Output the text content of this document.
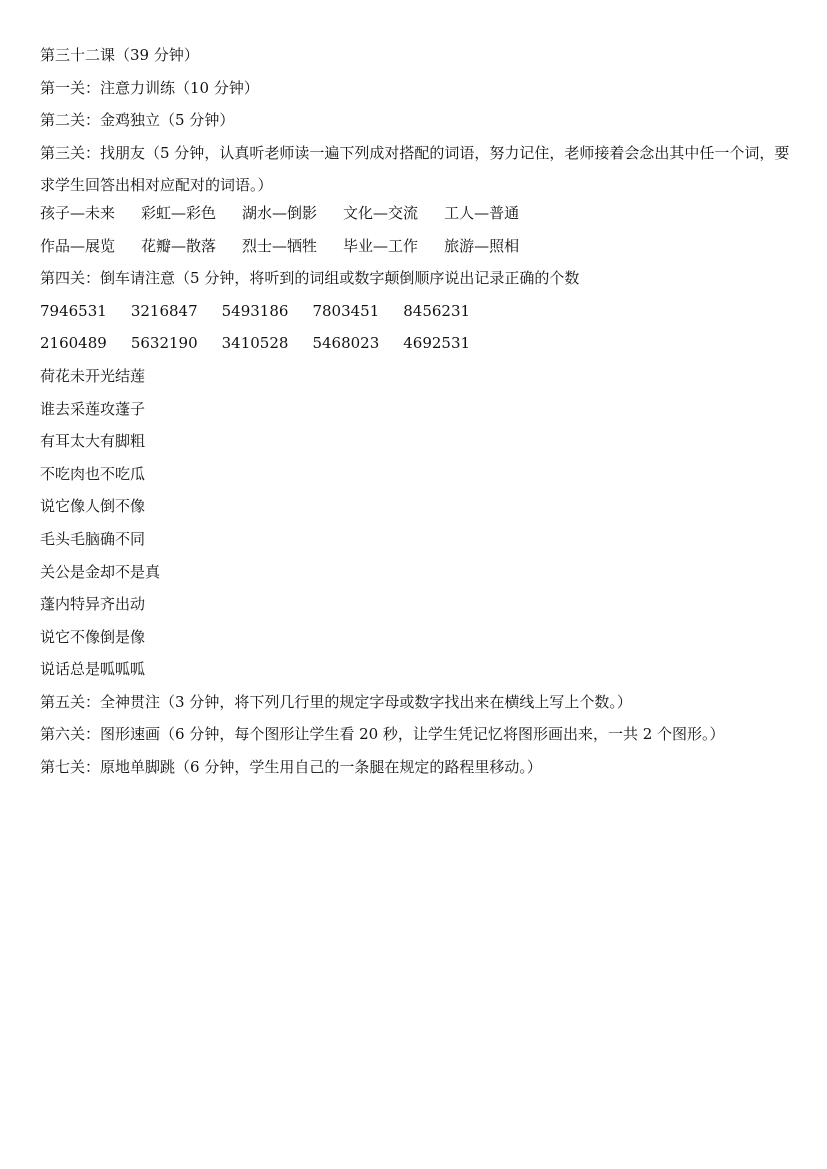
第三十二课（39 分钟）
第一关：注意力训练（10 分钟）
第二关：金鸡独立（5 分钟）
第三关：找朋友（5 分钟，认真听老师读一遍下列成对搭配的词语，努力记住，老师接着会念出其中任一个词，要求学生回答出相对应配对的词语。）
孩子—未来 彩虹—彩色 湖水—倒影 文化—交流 工人—普通
作品—展览 花瓣—散落 烈士—牺牲 毕业—工作 旅游—照相
第四关：倒车请注意（5 分钟，将听到的词组或数字颠倒顺序说出记录正确的个数
7946531 3216847 5493186 7803451 8456231
2160489 5632190 3410528 5468023 4692531
荷花未开光结莲
谁去采莲攻蓬子
有耳太大有脚粗
不吃肉也不吃瓜
说它像人倒不像
毛头毛脑确不同
关公是金却不是真
蓬内特异齐出动
说它不像倒是像
说话总是呱呱呱
第五关：全神贯注（3 分钟，将下列几行里的规定字母或数字找出来在横线上写上个数。）
第六关：图形速画（6 分钟，每个图形让学生看 20 秒，让学生凭记忆将图形画出来，一共 2 个图形。）
第七关：原地单脚跳（6 分钟，学生用自己的一条腿在规定的路程里移动。）
